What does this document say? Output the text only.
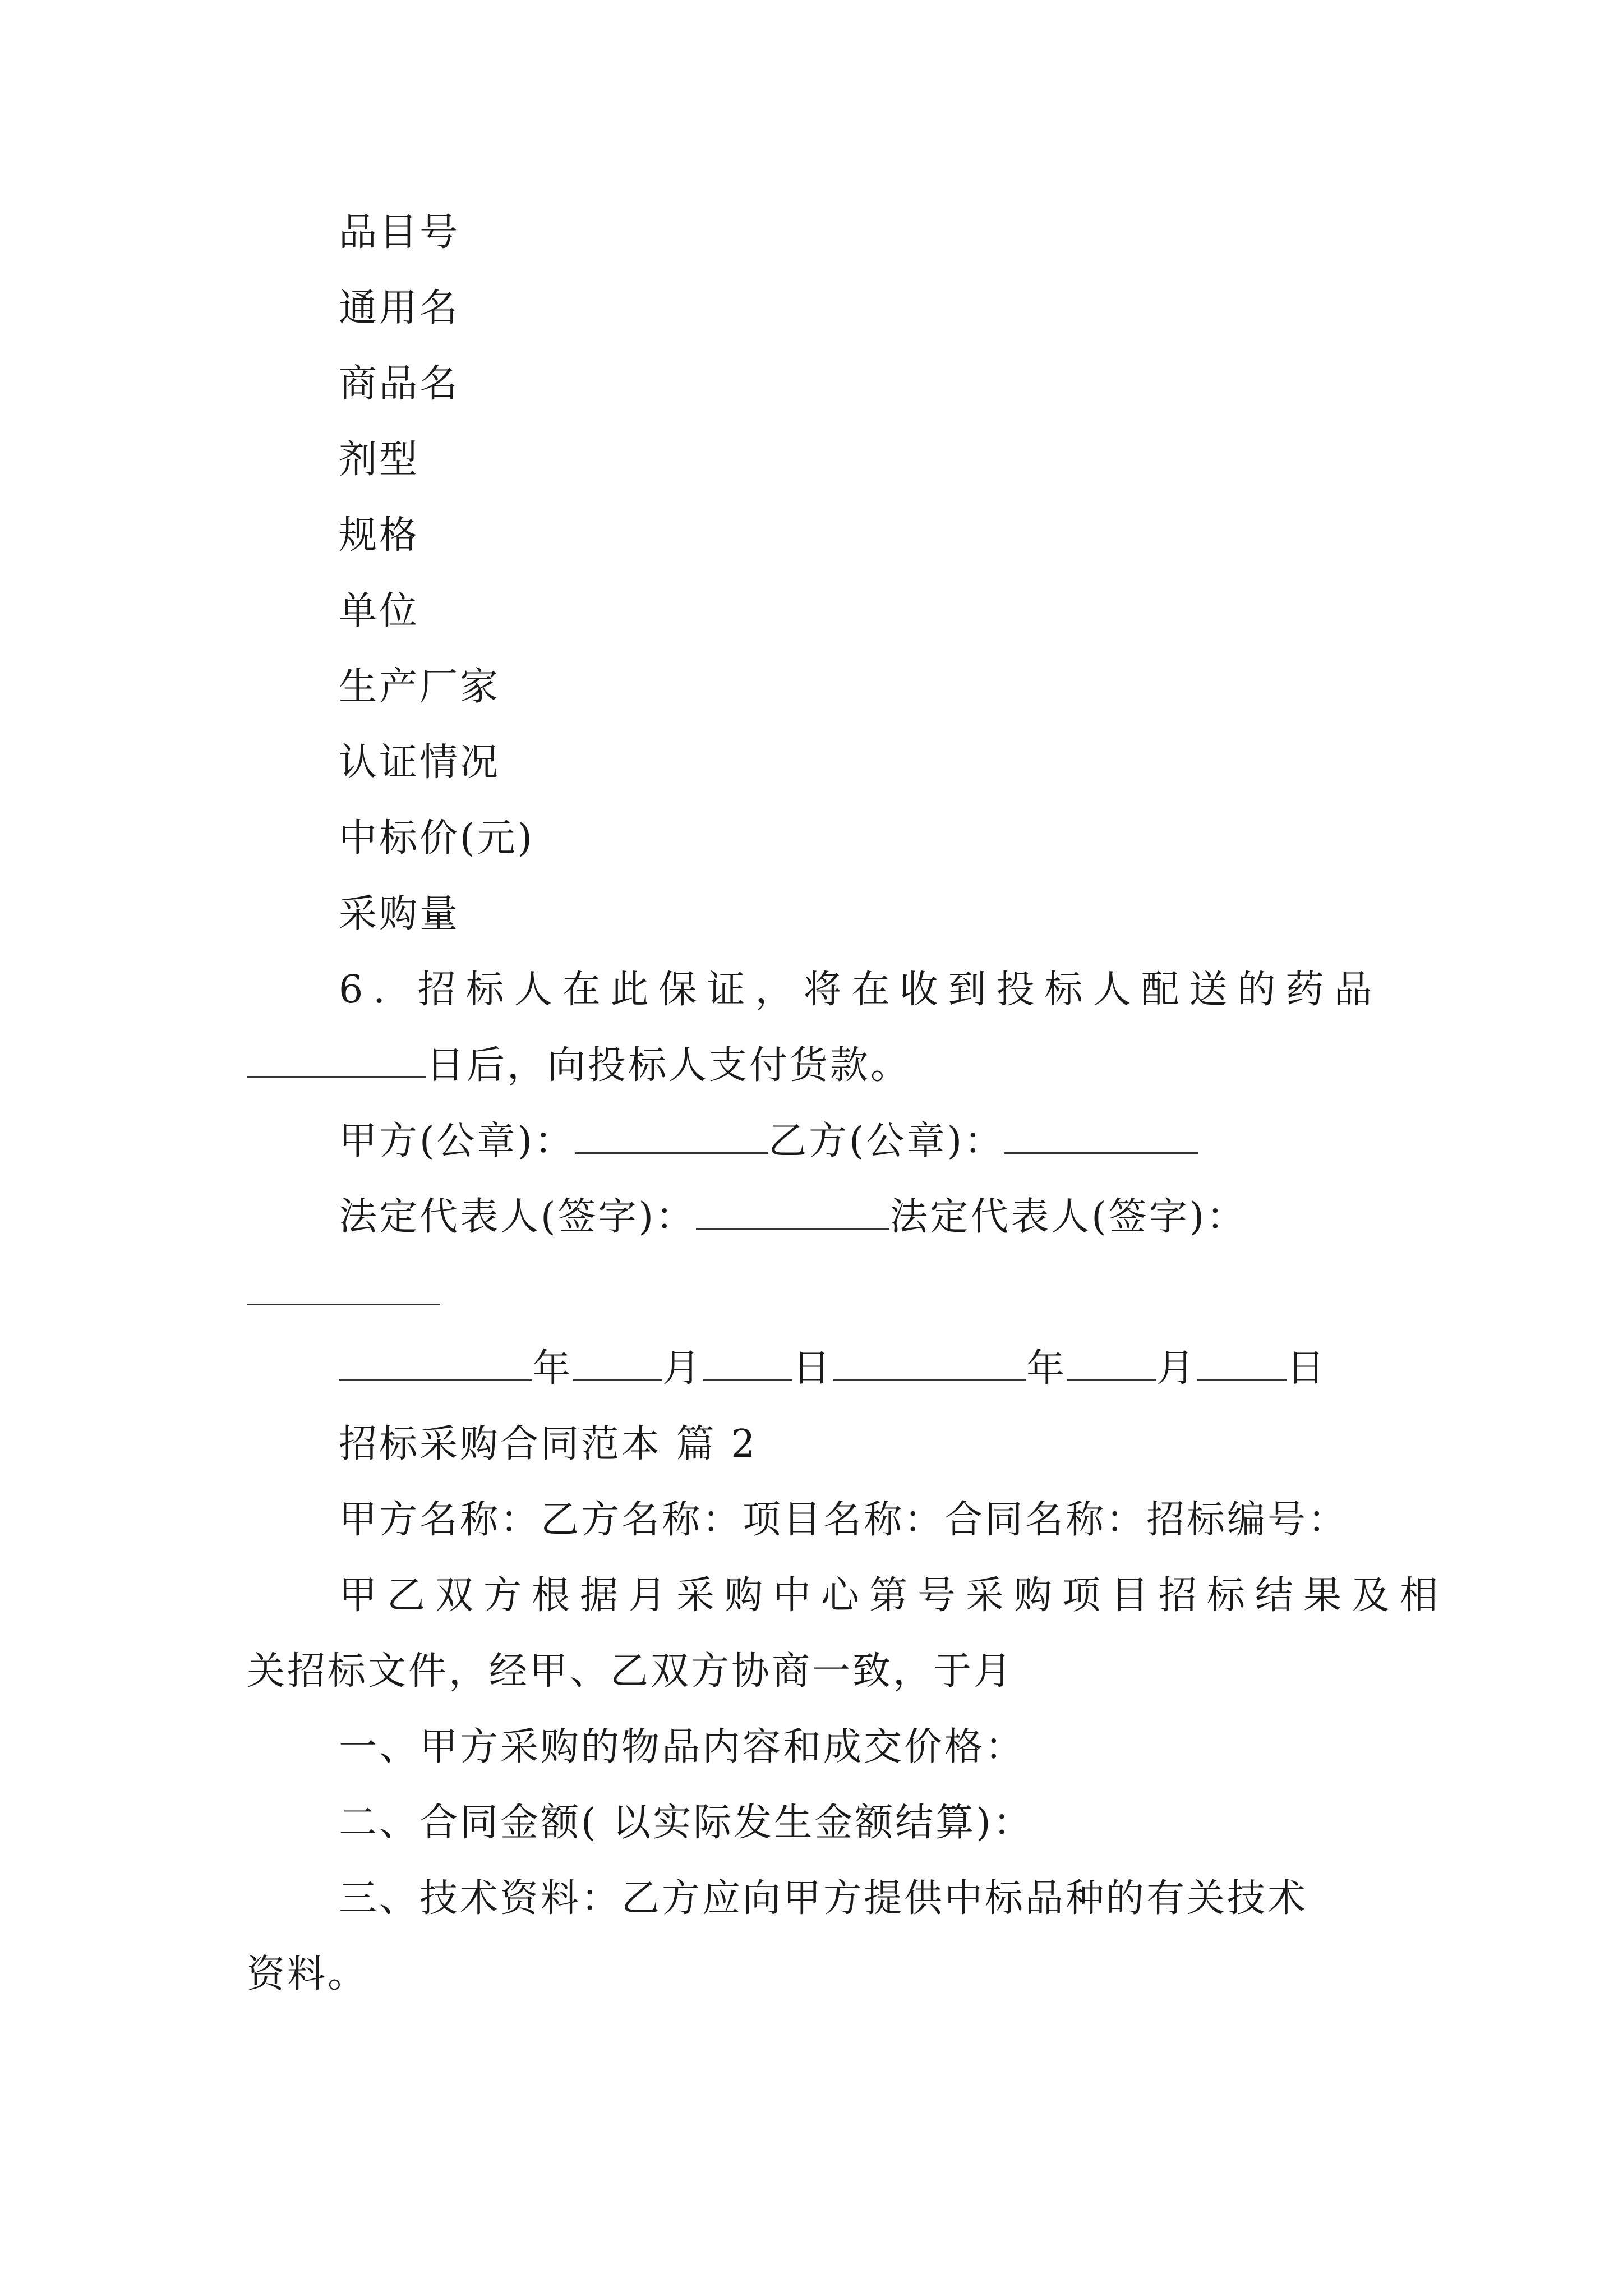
品目号
通用名
商品名
剂型
规格
单位
生产厂家
认证情况
中标价(元)
采购量
6. 招标人在此保证，将在收到投标人配送的药品
日后，向投标人支付货款。
甲方(公章)：	乙方(公章)：
法定代表人(签字)：	法定代表人(签字)：
年 月 日	年 月 日
招标采购合同范本 篇 2
甲方名称：乙方名称：项目名称：合同名称：招标编号：
甲乙双方根据月采购中心第号采购项目招标结果及相
关招标文件，经甲、乙双方协商一致，于月
一、甲方采购的物品内容和成交价格：
二、合同金额( 以实际发生金额结算)：
三、技术资料：乙方应向甲方提供中标品种的有关技术
资料。
